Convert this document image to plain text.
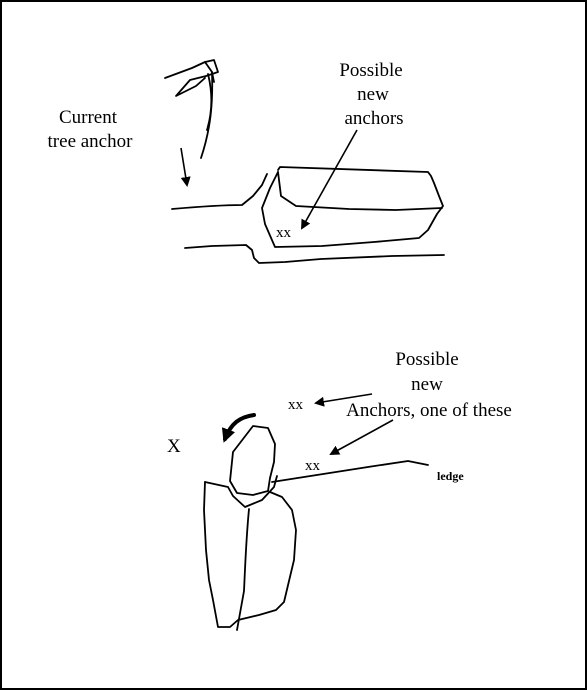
Current
tree anchor
Possible
new
anchors
xx
Possible
new
Anchors, one of these
xx
xx
X
ledge
